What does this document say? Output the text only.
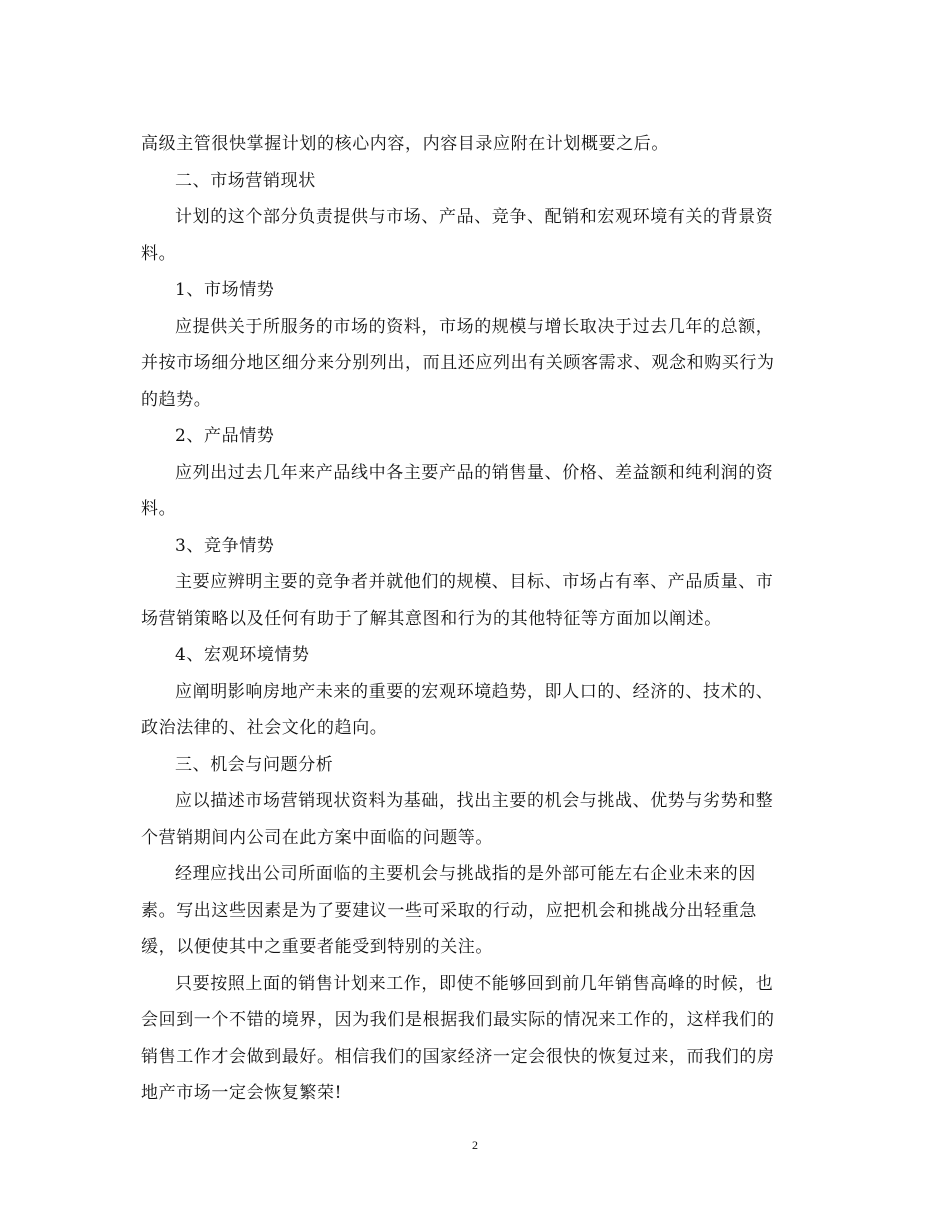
高级主管很快掌握计划的核心内容，内容目录应附在计划概要之后。
二、市场营销现状
计划的这个部分负责提供与市场、产品、竞争、配销和宏观环境有关的背景资
料。
1、市场情势
应提供关于所服务的市场的资料，市场的规模与增长取决于过去几年的总额，
并按市场细分地区细分来分别列出，而且还应列出有关顾客需求、观念和购买行为
的趋势。
2、产品情势
应列出过去几年来产品线中各主要产品的销售量、价格、差益额和纯利润的资
料。
3、竞争情势
主要应辨明主要的竞争者并就他们的规模、目标、市场占有率、产品质量、市
场营销策略以及任何有助于了解其意图和行为的其他特征等方面加以阐述。
4、宏观环境情势
应阐明影响房地产未来的重要的宏观环境趋势，即人口的、经济的、技术的、
政治法律的、社会文化的趋向。
三、机会与问题分析
应以描述市场营销现状资料为基础，找出主要的机会与挑战、优势与劣势和整
个营销期间内公司在此方案中面临的问题等。
经理应找出公司所面临的主要机会与挑战指的是外部可能左右企业未来的因
素。写出这些因素是为了要建议一些可采取的行动，应把机会和挑战分出轻重急
缓，以便使其中之重要者能受到特别的关注。
只要按照上面的销售计划来工作，即使不能够回到前几年销售高峰的时候，也
会回到一个不错的境界，因为我们是根据我们最实际的情况来工作的，这样我们的
销售工作才会做到最好。相信我们的国家经济一定会很快的恢复过来，而我们的房
地产市场一定会恢复繁荣!
2
